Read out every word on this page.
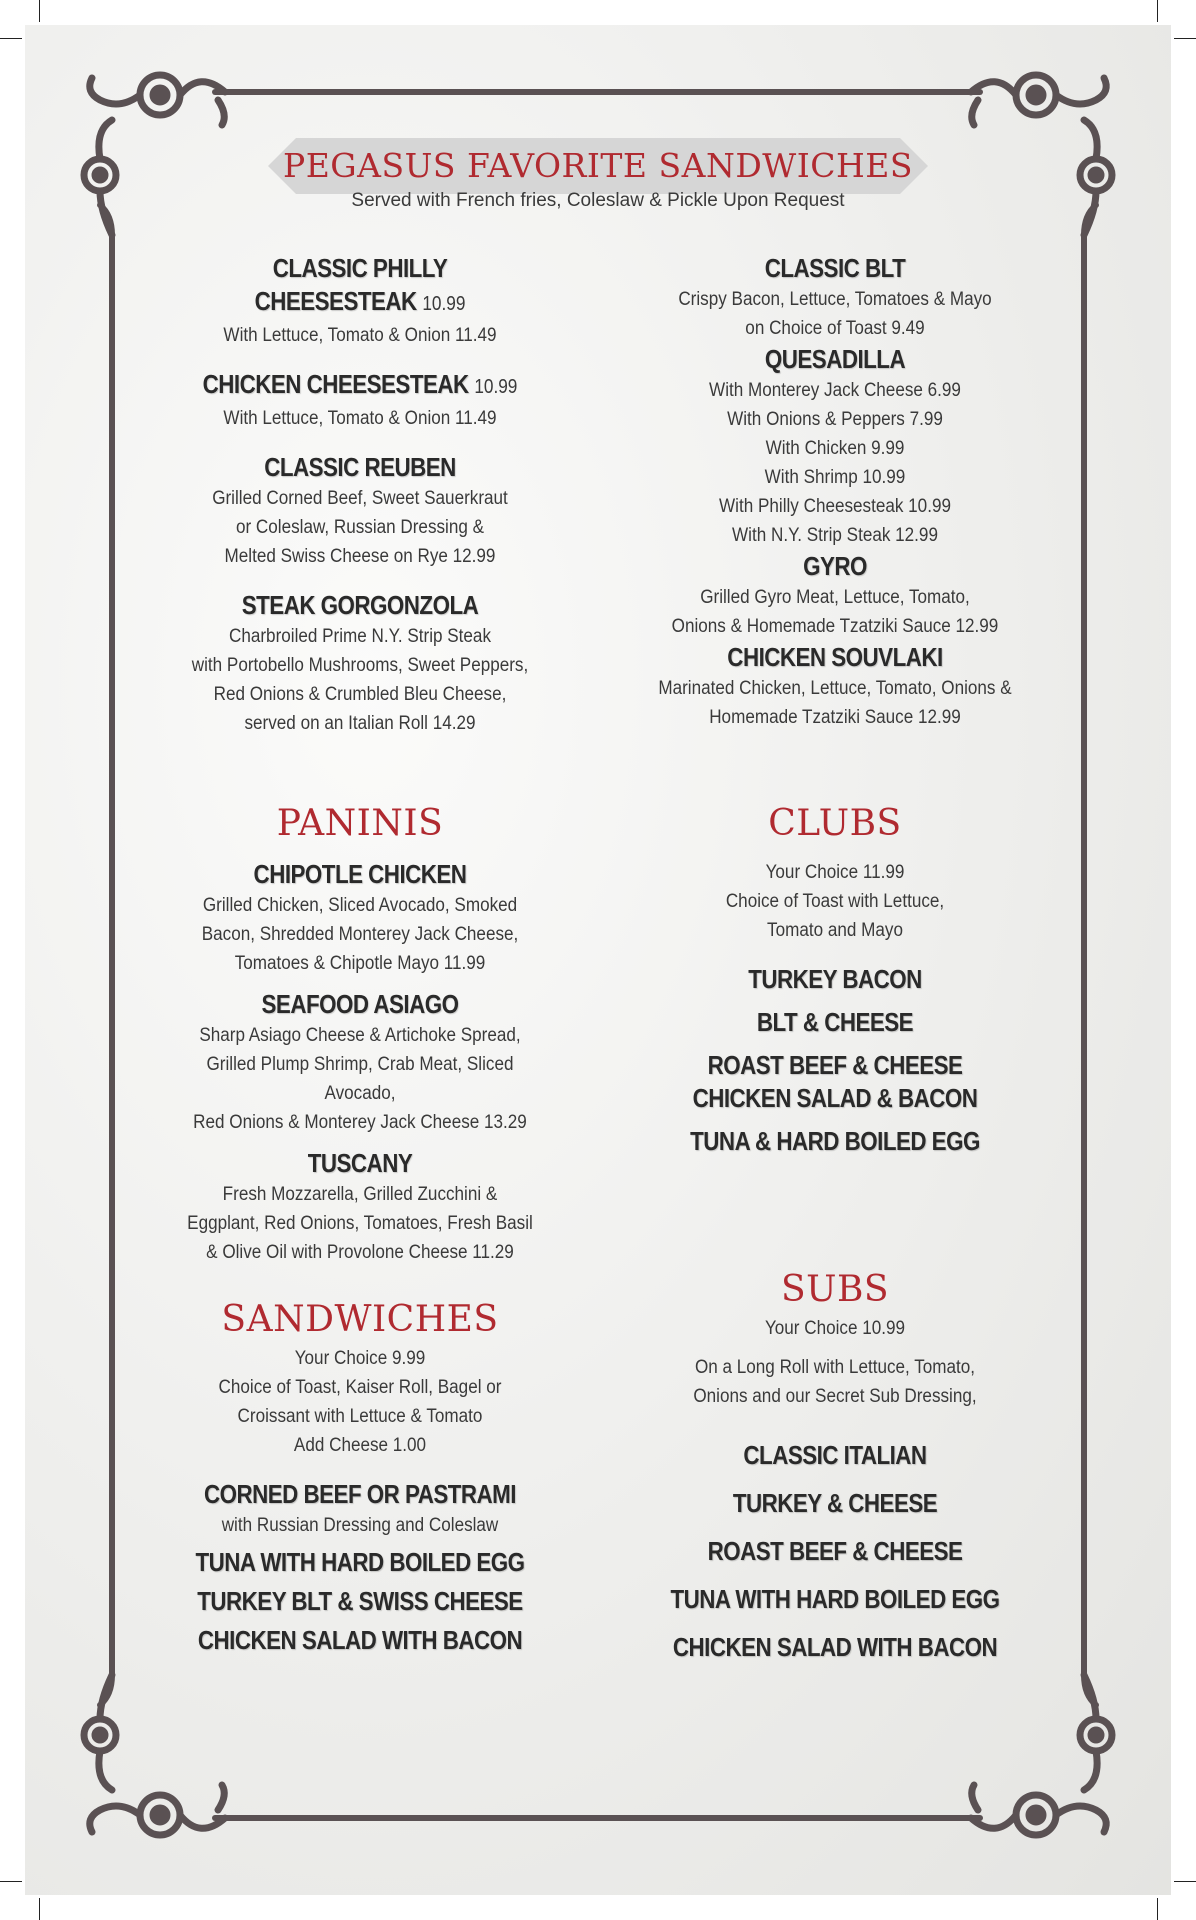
PEGASUS FAVORITE SANDWICHES
Served with French fries, Coleslaw & Pickle Upon Request
CLASSIC PHILLY
CHEESESTEAK 10.99
With Lettuce, Tomato & Onion 11.49
CHICKEN CHEESESTEAK 10.99
With Lettuce, Tomato & Onion 11.49
CLASSIC REUBEN
Grilled Corned Beef, Sweet Sauerkraut
or Coleslaw, Russian Dressing &
Melted Swiss Cheese on Rye 12.99
STEAK GORGONZOLA
Charbroiled Prime N.Y. Strip Steak
with Portobello Mushrooms, Sweet Peppers,
Red Onions & Crumbled Bleu Cheese,
served on an Italian Roll 14.29
CLASSIC BLT
Crispy Bacon, Lettuce, Tomatoes & Mayo
on Choice of Toast 9.49
QUESADILLA
With Monterey Jack Cheese 6.99
With Onions & Peppers 7.99
With Chicken 9.99
With Shrimp 10.99
With Philly Cheesesteak 10.99
With N.Y. Strip Steak 12.99
GYRO
Grilled Gyro Meat, Lettuce, Tomato,
Onions & Homemade Tzatziki Sauce 12.99
CHICKEN SOUVLAKI
Marinated Chicken, Lettuce, Tomato, Onions &
Homemade Tzatziki Sauce 12.99
PANINIS
CHIPOTLE CHICKEN
Grilled Chicken, Sliced Avocado, Smoked
Bacon, Shredded Monterey Jack Cheese,
Tomatoes & Chipotle Mayo 11.99
SEAFOOD ASIAGO
Sharp Asiago Cheese & Artichoke Spread,
Grilled Plump Shrimp, Crab Meat, Sliced Avocado,
Red Onions & Monterey Jack Cheese 13.29
TUSCANY
Fresh Mozzarella, Grilled Zucchini &
Eggplant, Red Onions, Tomatoes, Fresh Basil
& Olive Oil with Provolone Cheese 11.29
CLUBS
Your Choice 11.99
Choice of Toast with Lettuce,
Tomato and Mayo
TURKEY BACON
BLT & CHEESE
ROAST BEEF & CHEESE
CHICKEN SALAD & BACON
TUNA & HARD BOILED EGG
SANDWICHES
Your Choice 9.99
Choice of Toast, Kaiser Roll, Bagel or
Croissant with Lettuce & Tomato
Add Cheese 1.00
CORNED BEEF OR PASTRAMI
with Russian Dressing and Coleslaw
TUNA WITH HARD BOILED EGG
TURKEY BLT & SWISS CHEESE
CHICKEN SALAD WITH BACON
SUBS
Your Choice 10.99
On a Long Roll with Lettuce, Tomato,
Onions and our Secret Sub Dressing,
CLASSIC ITALIAN
TURKEY & CHEESE
ROAST BEEF & CHEESE
TUNA WITH HARD BOILED EGG
CHICKEN SALAD WITH BACON
